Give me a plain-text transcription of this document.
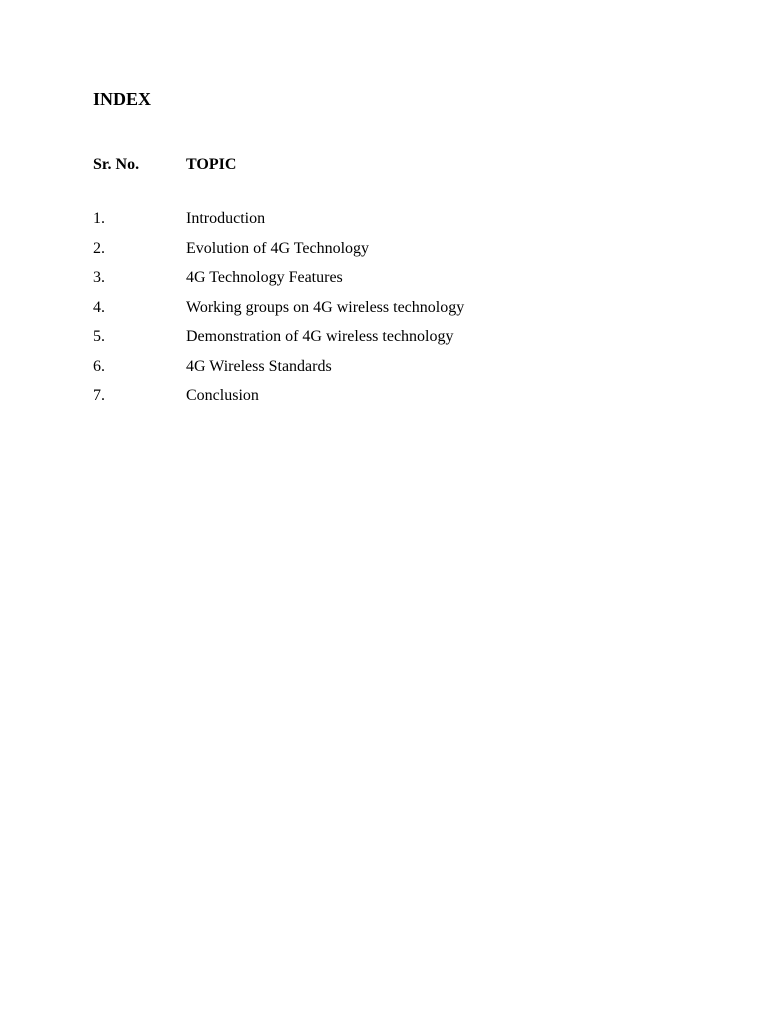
INDEX
Sr. No.	TOPIC
1.	Introduction
2.	Evolution of 4G Technology
3.	4G Technology Features
4.	Working groups on 4G wireless technology
5.	Demonstration of 4G wireless technology
6.	4G Wireless Standards
7.	Conclusion
